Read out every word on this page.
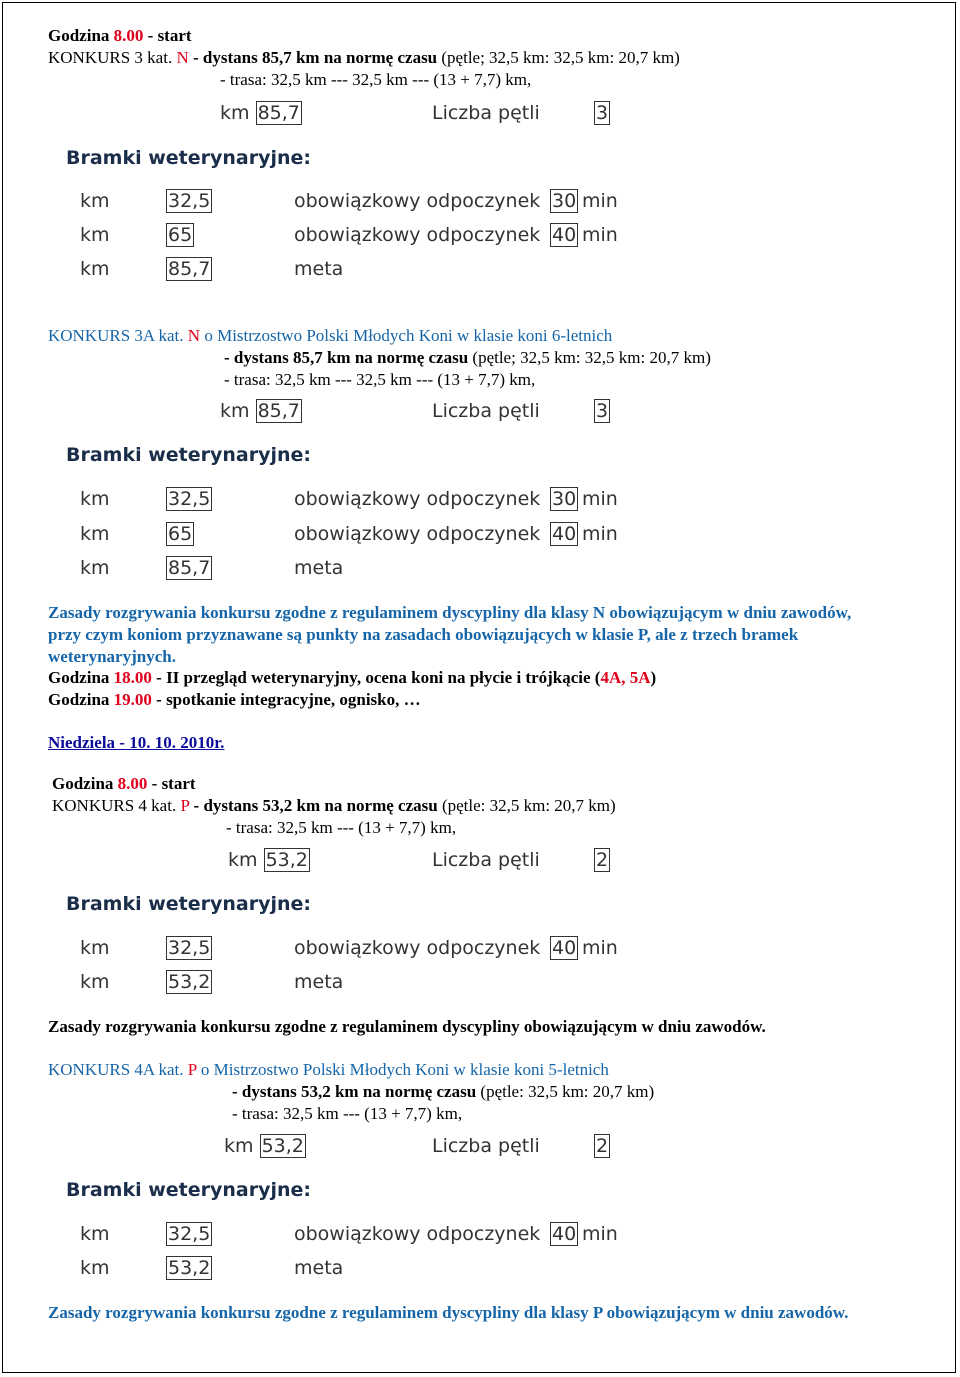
Godzina 8.00 - start
KONKURS 3 kat. N - dystans 85,7 km na normę czasu (pętle; 32,5 km: 32,5 km: 20,7 km)
- trasa: 32,5 km --- 32,5 km --- (13 + 7,7) km,
km 85,7	Liczba pętli	3
Bramki weterynaryjne:
km	32,5	obowiązkowy odpoczynek 30 min
km	65	obowiązkowy odpoczynek 40 min
km	85,7	meta
KONKURS 3A kat. N o Mistrzostwo Polski Młodych Koni w klasie koni 6-letnich
- dystans 85,7 km na normę czasu (pętle; 32,5 km: 32,5 km: 20,7 km)
- trasa: 32,5 km --- 32,5 km --- (13 + 7,7) km,
km 85,7	Liczba pętli	3
Bramki weterynaryjne:
km	32,5	obowiązkowy odpoczynek 30 min
km	65	obowiązkowy odpoczynek 40 min
km	85,7	meta
Zasady rozgrywania konkursu zgodne z regulaminem dyscypliny dla klasy N obowiązującym w dniu zawodów,
przy czym koniom przyznawane są punkty na zasadach obowiązujących w klasie P, ale z trzech bramek
weterynaryjnych.
Godzina 18.00 - II przegląd weterynaryjny, ocena koni na płycie i trójkącie (4A, 5A)
Godzina 19.00 - spotkanie integracyjne, ognisko, …
Niedziela - 10. 10. 2010r.
Godzina 8.00 - start
KONKURS 4 kat. P - dystans 53,2 km na normę czasu (pętle: 32,5 km: 20,7 km)
- trasa: 32,5 km --- (13 + 7,7) km,
km 53,2	Liczba pętli	2
Bramki weterynaryjne:
km	32,5	obowiązkowy odpoczynek 40 min
km	53,2	meta
Zasady rozgrywania konkursu zgodne z regulaminem dyscypliny obowiązującym w dniu zawodów.
KONKURS 4A kat. P o Mistrzostwo Polski Młodych Koni w klasie koni 5-letnich
- dystans 53,2 km na normę czasu (pętle: 32,5 km: 20,7 km)
- trasa: 32,5 km --- (13 + 7,7) km,
km 53,2	Liczba pętli	2
Bramki weterynaryjne:
km	32,5	obowiązkowy odpoczynek 40 min
km	53,2	meta
Zasady rozgrywania konkursu zgodne z regulaminem dyscypliny dla klasy P obowiązującym w dniu zawodów.
